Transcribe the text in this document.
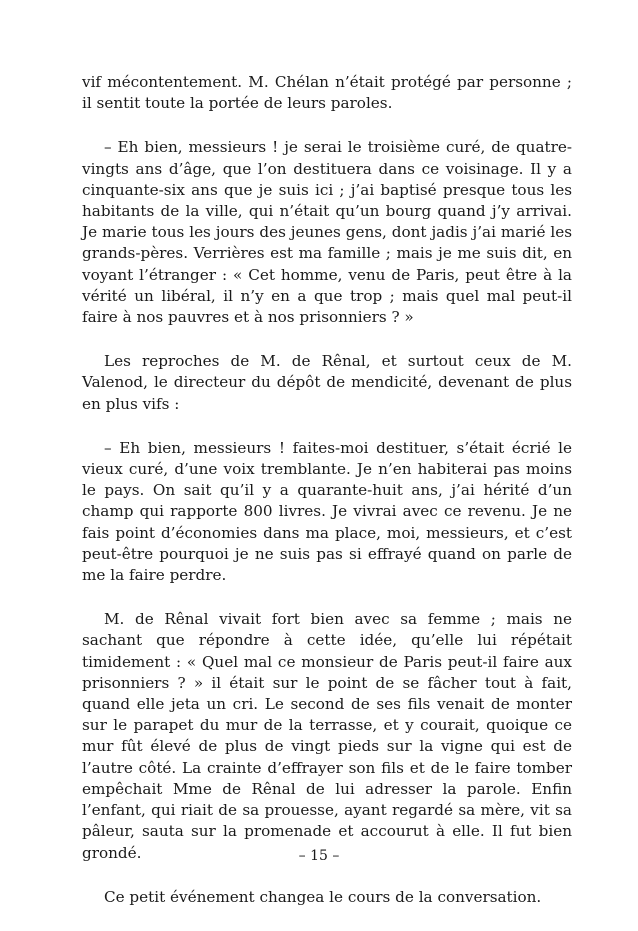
vif mécontentement. M. Chélan n’était protégé par personne ; il sentit toute la portée de leurs paroles.

– Eh bien, messieurs ! je serai le troisième curé, de quatre-vingts ans d’âge, que l’on destituera dans ce voisinage. Il y a cinquante-six ans que je suis ici ; j’ai baptisé presque tous les habitants de la ville, qui n’était qu’un bourg quand j’y arrivai. Je marie tous les jours des jeunes gens, dont jadis j’ai marié les grands-pères. Verrières est ma famille ; mais je me suis dit, en voyant l’étranger : « Cet homme, venu de Paris, peut être à la vérité un libéral, il n’y en a que trop ; mais quel mal peut-il faire à nos pauvres et à nos prisonniers ? »

Les reproches de M. de Rênal, et surtout ceux de M. Valenod, le directeur du dépôt de mendicité, devenant de plus en plus vifs :

– Eh bien, messieurs ! faites-moi destituer, s’était écrié le vieux curé, d’une voix tremblante. Je n’en habiterai pas moins le pays. On sait qu’il y a quarante-huit ans, j’ai hérité d’un champ qui rapporte 800 livres. Je vivrai avec ce revenu. Je ne fais point d’économies dans ma place, moi, messieurs, et c’est peut-être pourquoi je ne suis pas si effrayé quand on parle de me la faire perdre.

M. de Rênal vivait fort bien avec sa femme ; mais ne sachant que répondre à cette idée, qu’elle lui répétait timidement : « Quel mal ce monsieur de Paris peut-il faire aux prisonniers ? » il était sur le point de se fâcher tout à fait, quand elle jeta un cri. Le second de ses fils venait de monter sur le parapet du mur de la terrasse, et y courait, quoique ce mur fût élevé de plus de vingt pieds sur la vigne qui est de l’autre côté. La crainte d’effrayer son fils et de le faire tomber empêchait Mme de Rênal de lui adresser la parole. Enfin l’enfant, qui riait de sa prouesse, ayant regardé sa mère, vit sa pâleur, sauta sur la promenade et accourut à elle. Il fut bien grondé.

Ce petit événement changea le cours de la conversation.

– 15 –
